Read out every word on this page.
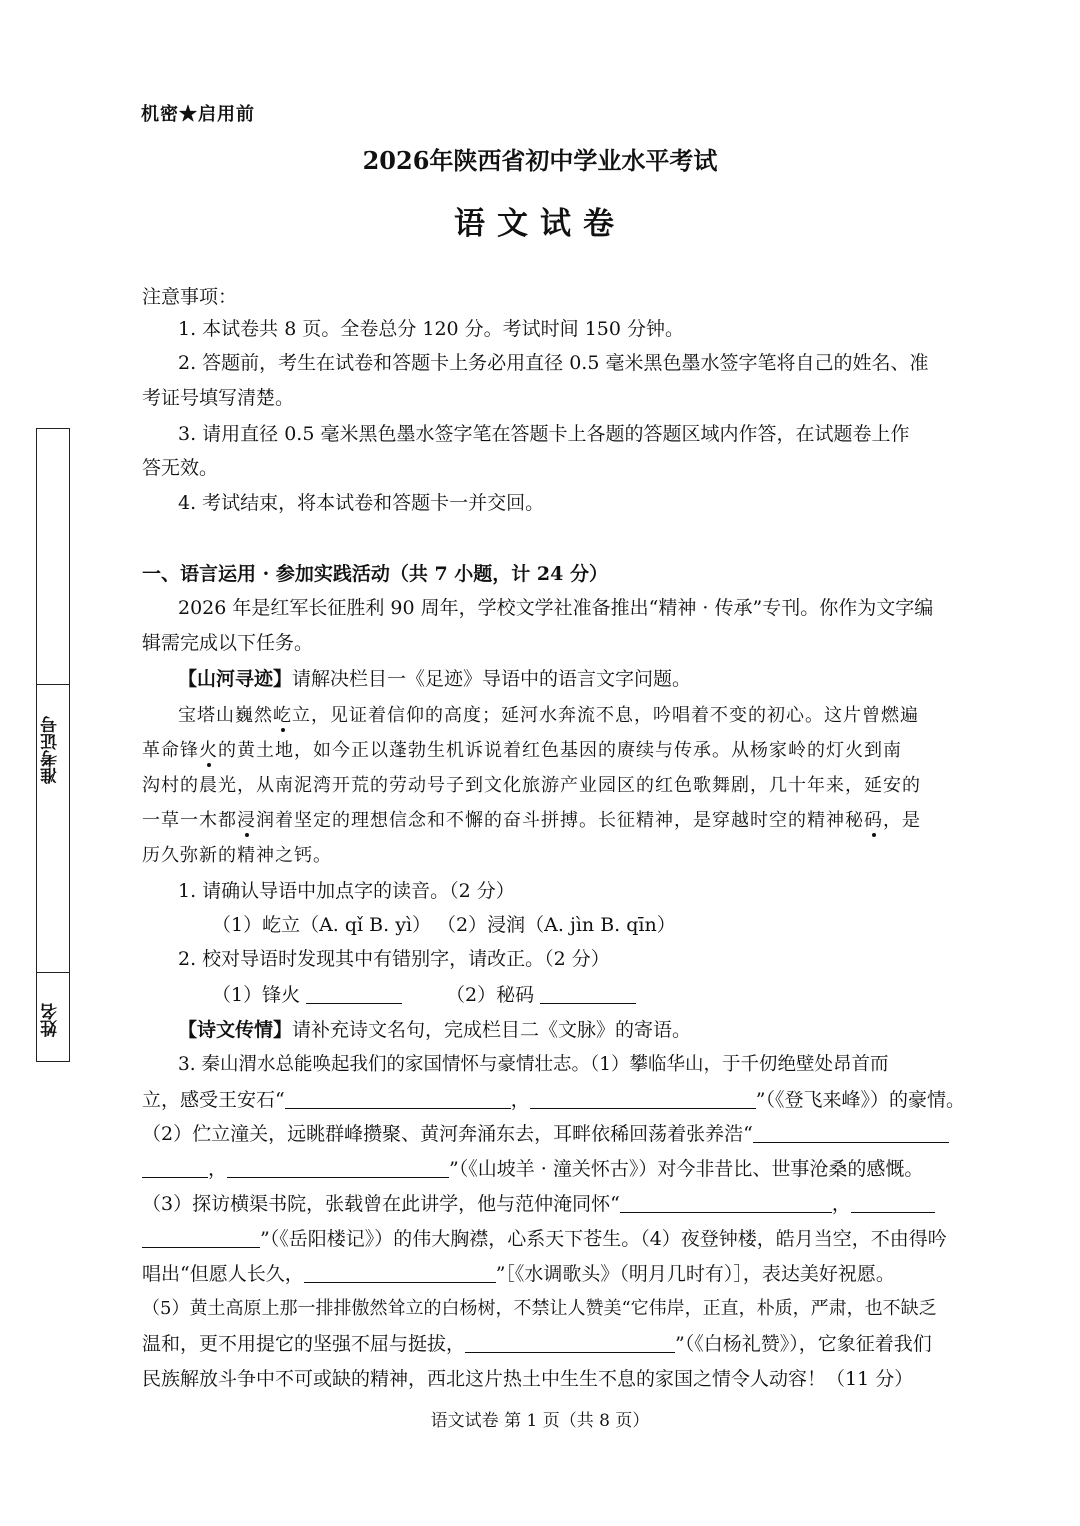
机密★启用前
2026年陕西省初中学业水平考试
语文试卷
准考证号
姓名
注意事项：
1. 本试卷共 8 页。全卷总分 120 分。考试时间 150 分钟。
2. 答题前，考生在试卷和答题卡上务必用直径 0.5 毫米黑色墨水签字笔将自己的姓名、准
考证号填写清楚。
3. 请用直径 0.5 毫米黑色墨水签字笔在答题卡上各题的答题区域内作答，在试题卷上作
答无效。
4. 考试结束，将本试卷和答题卡一并交回。
一、语言运用 · 参加实践活动（共 7 小题，计 24 分）
2026 年是红军长征胜利 90 周年，学校文学社准备推出“精神 · 传承”专刊。你作为文字编
辑需完成以下任务。
【山河寻迹】请解决栏目一《足迹》导语中的语言文字问题。
宝塔山巍然屹立，见证着信仰的高度；延河水奔流不息，吟唱着不变的初心。这片曾燃遍
革命锋火的黄土地，如今正以蓬勃生机诉说着红色基因的赓续与传承。从杨家岭的灯火到南
沟村的晨光，从南泥湾开荒的劳动号子到文化旅游产业园区的红色歌舞剧，几十年来，延安的
一草一木都浸润着坚定的理想信念和不懈的奋斗拼搏。长征精神，是穿越时空的精神秘码，是
历久弥新的精神之钙。
1. 请确认导语中加点字的读音。（2 分）
（1）屹立（A. qǐ B. yì） （2）浸润（A. jìn B. qīn）
2. 校对导语时发现其中有错别字，请改正。（2 分）
（1）锋火	（2）秘码
【诗文传情】请补充诗文名句，完成栏目二《文脉》的寄语。
3. 秦山渭水总能唤起我们的家国情怀与豪情壮志。（1）攀临华山，于千仞绝壁处昂首而
立，感受王安石“	，	”（《登飞来峰》）的豪情。
（2）伫立潼关，远眺群峰攒聚、黄河奔涌东去，耳畔依稀回荡着张养浩“
，	”（《山坡羊 · 潼关怀古》）对今非昔比、世事沧桑的感慨。
（3）探访横渠书院，张载曾在此讲学，他与范仲淹同怀“	，
”（《岳阳楼记》）的伟大胸襟，心系天下苍生。（4）夜登钟楼，皓月当空，不由得吟
唱出“但愿人长久，	”［《水调歌头》（明月几时有）］，表达美好祝愿。
（5）黄土高原上那一排排傲然耸立的白杨树，不禁让人赞美“它伟岸，正直，朴质，严肃，也不缺乏
温和，更不用提它的坚强不屈与挺拔，	”（《白杨礼赞》），它象征着我们
民族解放斗争中不可或缺的精神，西北这片热土中生生不息的家国之情令人动容！（11 分）
语文试卷 第 1 页（共 8 页）
